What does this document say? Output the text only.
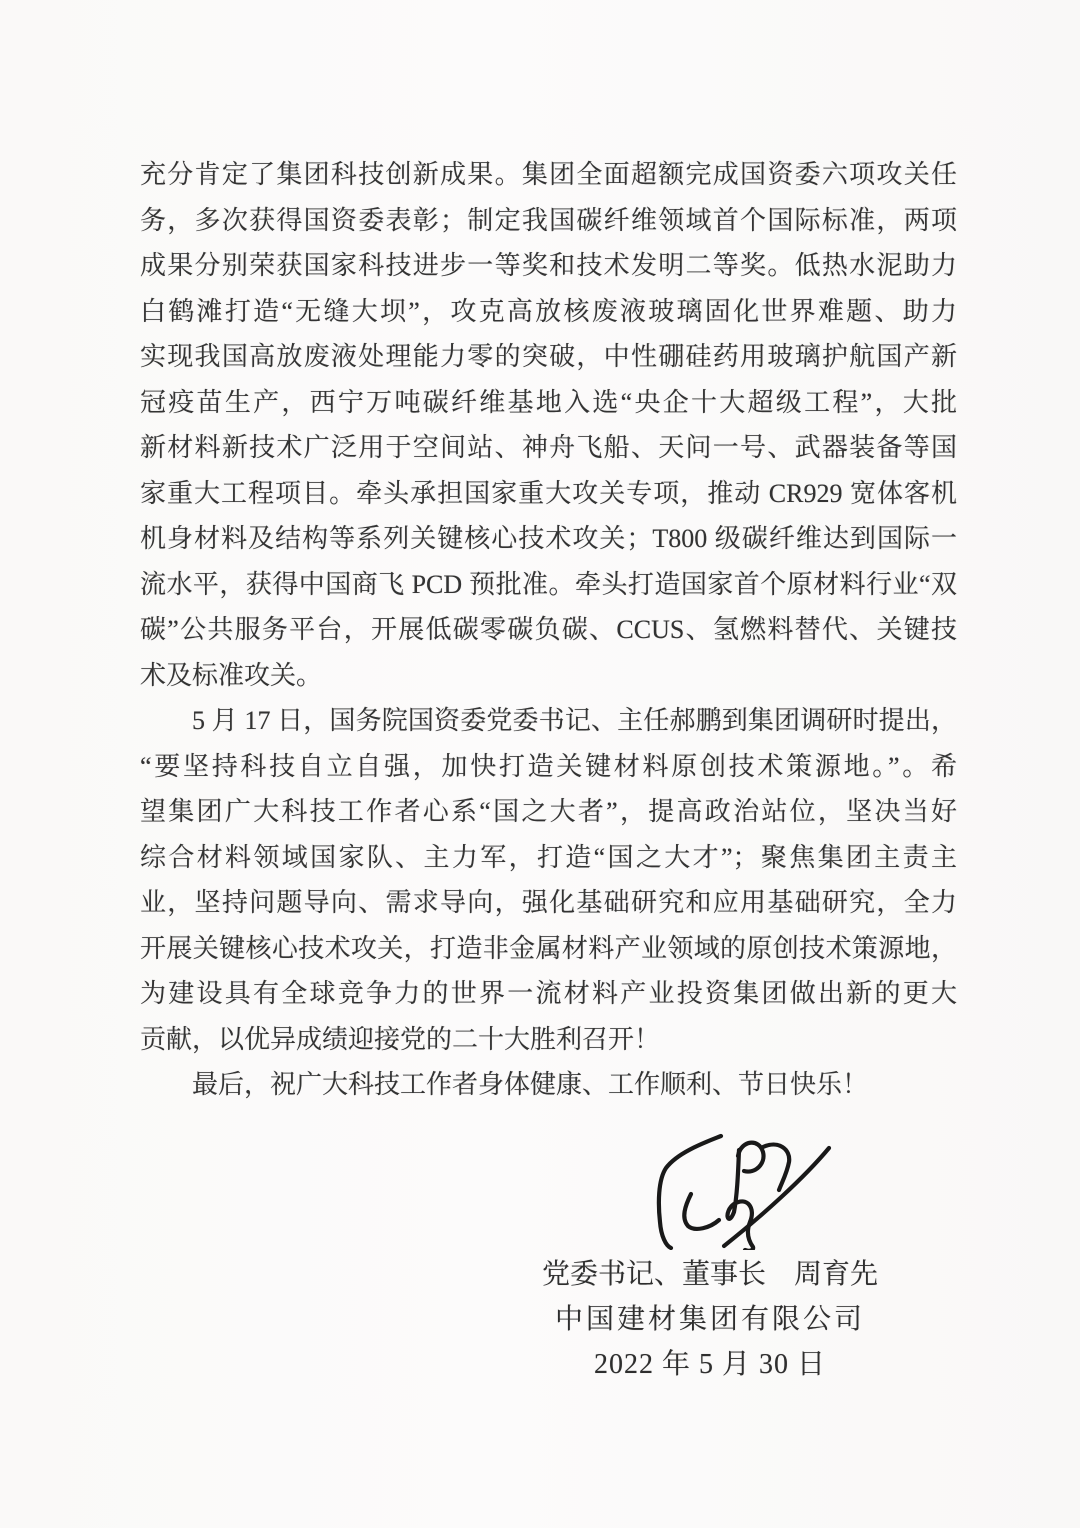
充分肯定了集团科技创新成果。集团全面超额完成国资委六项攻关任
务，多次获得国资委表彰；制定我国碳纤维领域首个国际标准，两项
成果分别荣获国家科技进步一等奖和技术发明二等奖。低热水泥助力
白鹤滩打造“无缝大坝”，攻克高放核废液玻璃固化世界难题、助力
实现我国高放废液处理能力零的突破，中性硼硅药用玻璃护航国产新
冠疫苗生产，西宁万吨碳纤维基地入选“央企十大超级工程”，大批
新材料新技术广泛用于空间站、神舟飞船、天问一号、武器装备等国
家重大工程项目。牵头承担国家重大攻关专项，推动 CR929 宽体客机
机身材料及结构等系列关键核心技术攻关；T800 级碳纤维达到国际一
流水平，获得中国商飞 PCD 预批准。牵头打造国家首个原材料行业“双
碳”公共服务平台，开展低碳零碳负碳、CCUS、氢燃料替代、关键技
术及标准攻关。
5 月 17 日，国务院国资委党委书记、主任郝鹏到集团调研时提出，
“要坚持科技自立自强，加快打造关键材料原创技术策源地。”。希
望集团广大科技工作者心系“国之大者”，提高政治站位，坚决当好
综合材料领域国家队、主力军，打造“国之大才”；聚焦集团主责主
业，坚持问题导向、需求导向，强化基础研究和应用基础研究，全力
开展关键核心技术攻关，打造非金属材料产业领域的原创技术策源地，
为建设具有全球竞争力的世界一流材料产业投资集团做出新的更大
贡献，以优异成绩迎接党的二十大胜利召开！
最后，祝广大科技工作者身体健康、工作顺利、节日快乐！
党委书记、董事长　周育先
中国建材集团有限公司
2022 年 5 月 30 日
